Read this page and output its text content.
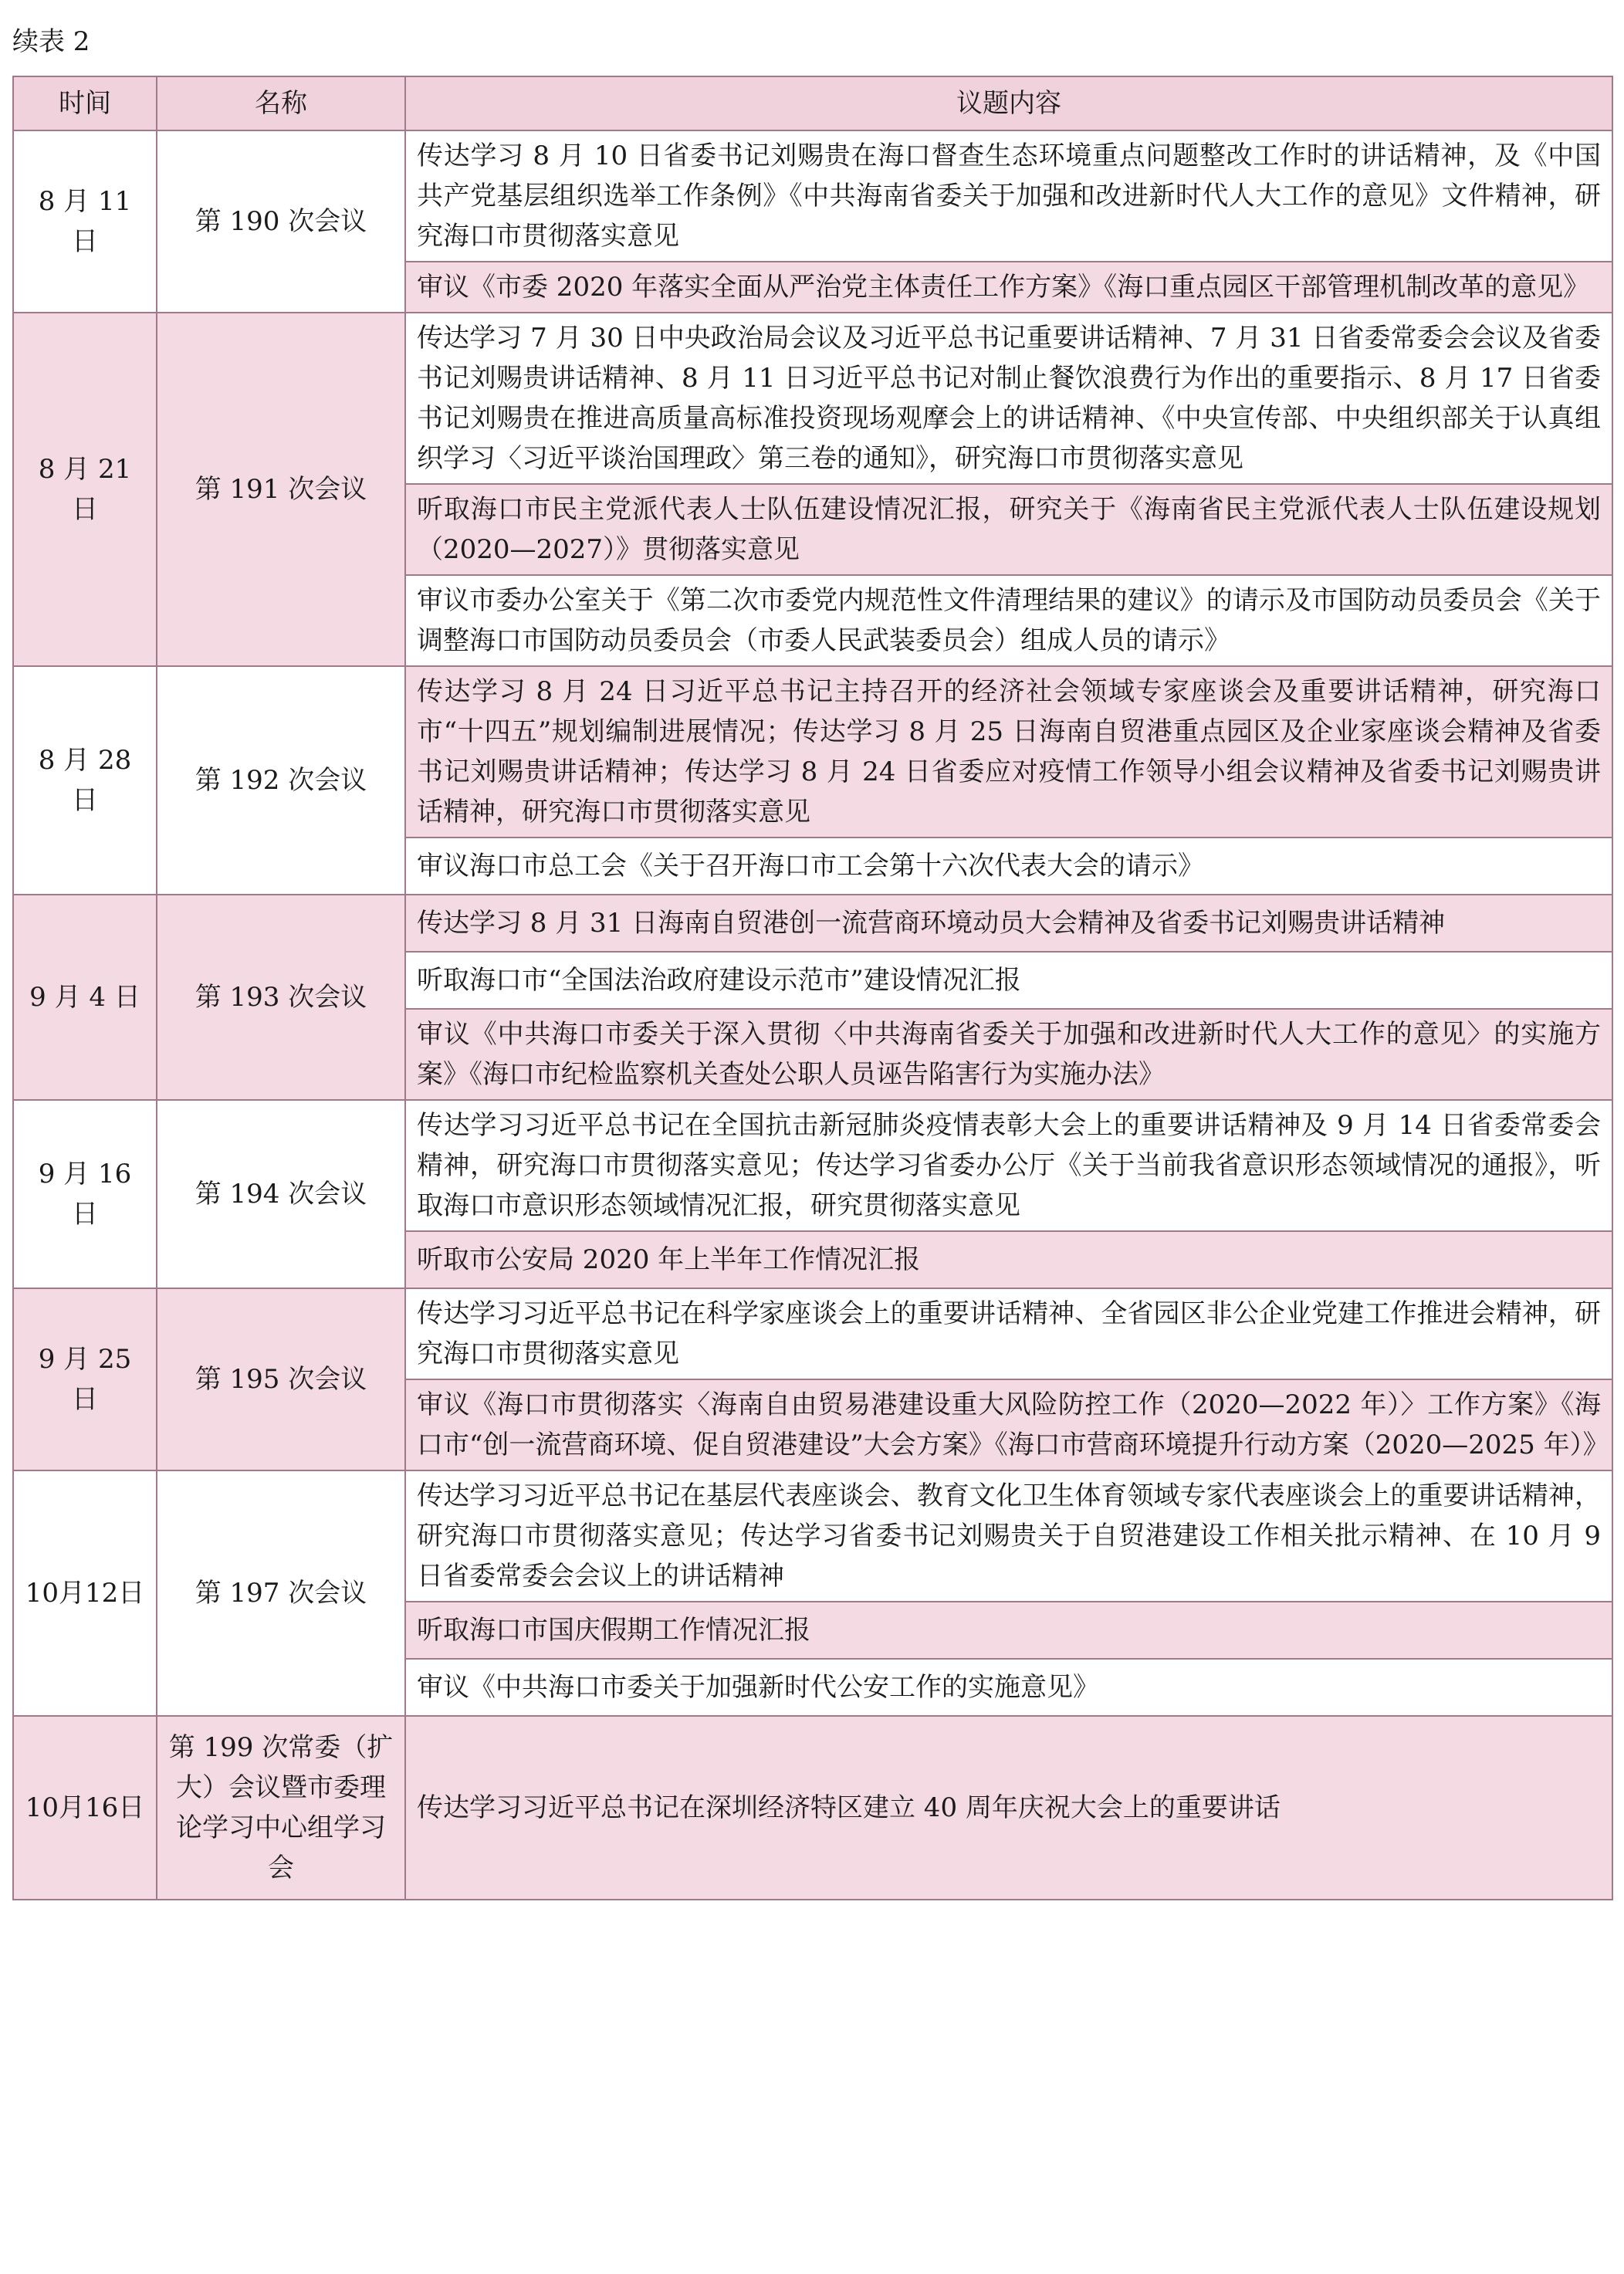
续表 2
时间	名称	议题内容
8 月 11 日	第 190 次会议	传达学习 8 月 10 日省委书记刘赐贵在海口督查生态环境重点问题整改工作时的讲话精神，及《中国共产党基层组织选举工作条例》《中共海南省委关于加强和改进新时代人大工作的意见》文件精神，研究海口市贯彻落实意见
		审议《市委 2020 年落实全面从严治党主体责任工作方案》《海口重点园区干部管理机制改革的意见》
8 月 21 日	第 191 次会议	传达学习 7 月 30 日中央政治局会议及习近平总书记重要讲话精神、7 月 31 日省委常委会会议及省委书记刘赐贵讲话精神、8 月 11 日习近平总书记对制止餐饮浪费行为作出的重要指示、8 月 17 日省委书记刘赐贵在推进高质量高标准投资现场观摩会上的讲话精神、《中央宣传部、中央组织部关于认真组织学习〈习近平谈治国理政〉第三卷的通知》，研究海口市贯彻落实意见
		听取海口市民主党派代表人士队伍建设情况汇报，研究关于《海南省民主党派代表人士队伍建设规划（2020—2027）》贯彻落实意见
		审议市委办公室关于《第二次市委党内规范性文件清理结果的建议》的请示及市国防动员委员会《关于调整海口市国防动员委员会（市委人民武装委员会）组成人员的请示》
8 月 28 日	第 192 次会议	传达学习 8 月 24 日习近平总书记主持召开的经济社会领域专家座谈会及重要讲话精神，研究海口市“十四五”规划编制进展情况；传达学习 8 月 25 日海南自贸港重点园区及企业家座谈会精神及省委书记刘赐贵讲话精神；传达学习 8 月 24 日省委应对疫情工作领导小组会议精神及省委书记刘赐贵讲话精神，研究海口市贯彻落实意见
		审议海口市总工会《关于召开海口市工会第十六次代表大会的请示》
9 月 4 日	第 193 次会议	传达学习 8 月 31 日海南自贸港创一流营商环境动员大会精神及省委书记刘赐贵讲话精神
		听取海口市“全国法治政府建设示范市”建设情况汇报
		审议《中共海口市委关于深入贯彻〈中共海南省委关于加强和改进新时代人大工作的意见〉的实施方案》《海口市纪检监察机关查处公职人员诬告陷害行为实施办法》
9 月 16 日	第 194 次会议	传达学习习近平总书记在全国抗击新冠肺炎疫情表彰大会上的重要讲话精神及 9 月 14 日省委常委会精神，研究海口市贯彻落实意见；传达学习省委办公厅《关于当前我省意识形态领域情况的通报》，听取海口市意识形态领域情况汇报，研究贯彻落实意见
		听取市公安局 2020 年上半年工作情况汇报
9 月 25 日	第 195 次会议	传达学习习近平总书记在科学家座谈会上的重要讲话精神、全省园区非公企业党建工作推进会精神，研究海口市贯彻落实意见
		审议《海口市贯彻落实〈海南自由贸易港建设重大风险防控工作（2020—2022 年）〉工作方案》《海口市“创一流营商环境、促自贸港建设”大会方案》《海口市营商环境提升行动方案（2020—2025 年）》
10月12日	第 197 次会议	传达学习习近平总书记在基层代表座谈会、教育文化卫生体育领域专家代表座谈会上的重要讲话精神，研究海口市贯彻落实意见；传达学习省委书记刘赐贵关于自贸港建设工作相关批示精神、在 10 月 9 日省委常委会会议上的讲话精神
		听取海口市国庆假期工作情况汇报
		审议《中共海口市委关于加强新时代公安工作的实施意见》
10月16日	第 199 次常委（扩大）会议暨市委理论学习中心组学习会	传达学习习近平总书记在深圳经济特区建立 40 周年庆祝大会上的重要讲话
